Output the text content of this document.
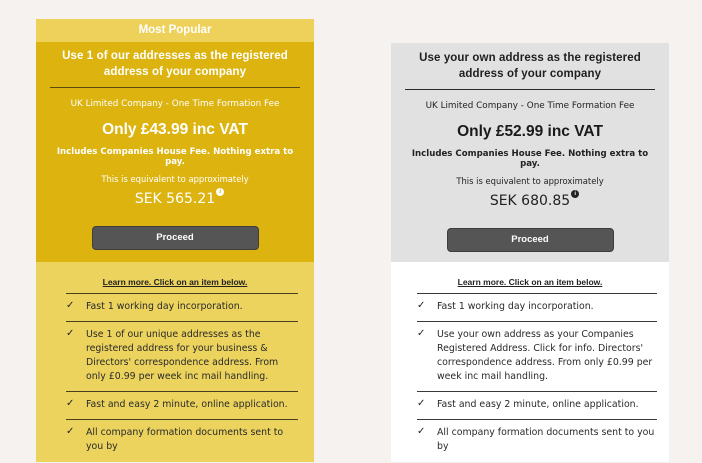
Most Popular
Use 1 of our addresses as the registered address of your company
UK Limited Company - One Time Formation Fee
Only £43.99 inc VAT
Includes Companies House Fee. Nothing extra to pay.
This is equivalent to approximately
SEK 565.21 i
Proceed
Learn more. Click on an item below.
✓ Fast 1 working day incorporation.
✓ Use 1 of our unique addresses as the registered address for your business & Directors' correspondence address. From only £0.99 per week inc mail handling.
✓ Fast and easy 2 minute, online application.
✓ All company formation documents sent to you by
Use your own address as the registered address of your company
UK Limited Company - One Time Formation Fee
Only £52.99 inc VAT
Includes Companies House Fee. Nothing extra to pay.
This is equivalent to approximately
SEK 680.85 i
Proceed
Learn more. Click on an item below.
✓ Fast 1 working day incorporation.
✓ Use your own address as your Companies Registered Address. Click for info. Directors' correspondence address. From only £0.99 per week inc mail handling.
✓ Fast and easy 2 minute, online application.
✓ All company formation documents sent to you by
